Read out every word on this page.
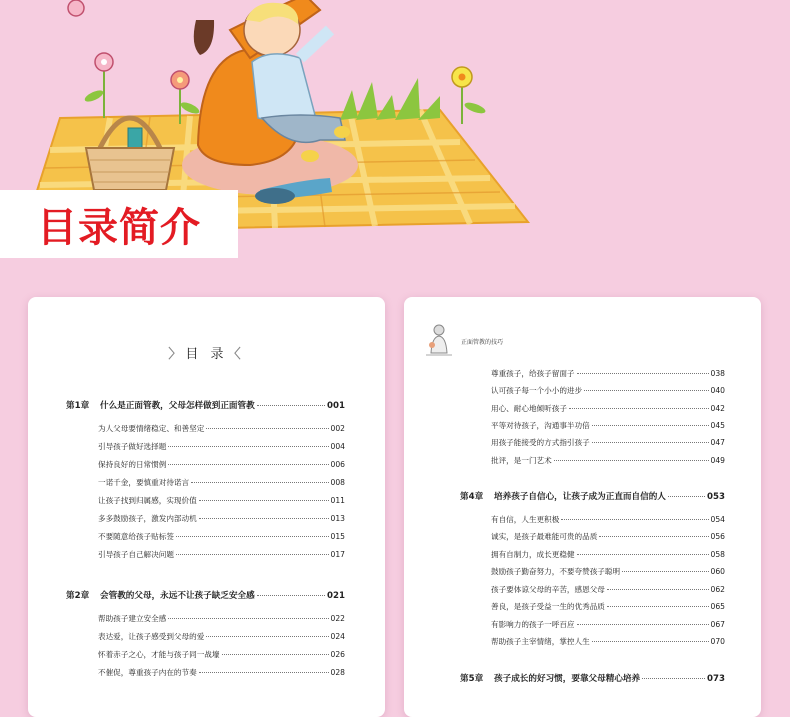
目录简介
〉目 录〈
第1章	什么是正面管教，父母怎样做到正面管教	001
为人父母要情绪稳定、和善坚定	002
引导孩子做好选择题	004
保持良好的日常惯例	006
一诺千金，要慎重对待诺言	008
让孩子找到归属感，实现价值	011
多多鼓励孩子，激发内部动机	013
不要随意给孩子贴标签	015
引导孩子自己解决问题	017
第2章	会管教的父母，永远不让孩子缺乏安全感	021
帮助孩子建立安全感	022
表达爱，让孩子感受到父母的爱	024
怀着赤子之心，才能与孩子同一战壕	026
不催促，尊重孩子内在的节奏	028
正面管教的技巧
尊重孩子，给孩子留面子	038
认可孩子每一个小小的进步	040
用心、耐心地倾听孩子	042
平等对待孩子，沟通事半功倍	045
用孩子能接受的方式指引孩子	047
批评，是一门艺术	049
第4章	培养孩子自信心，让孩子成为正直而自信的人	053
有自信，人生更积极	054
诚实，是孩子最难能可贵的品质	056
拥有自制力，成长更稳健	058
鼓励孩子勤奋努力，不要夸赞孩子聪明	060
孩子要体谅父母的辛苦，感恩父母	062
善良，是孩子受益一生的优秀品质	065
有影响力的孩子一呼百应	067
帮助孩子主宰情绪，掌控人生	070
第5章	孩子成长的好习惯，要靠父母精心培养	073
